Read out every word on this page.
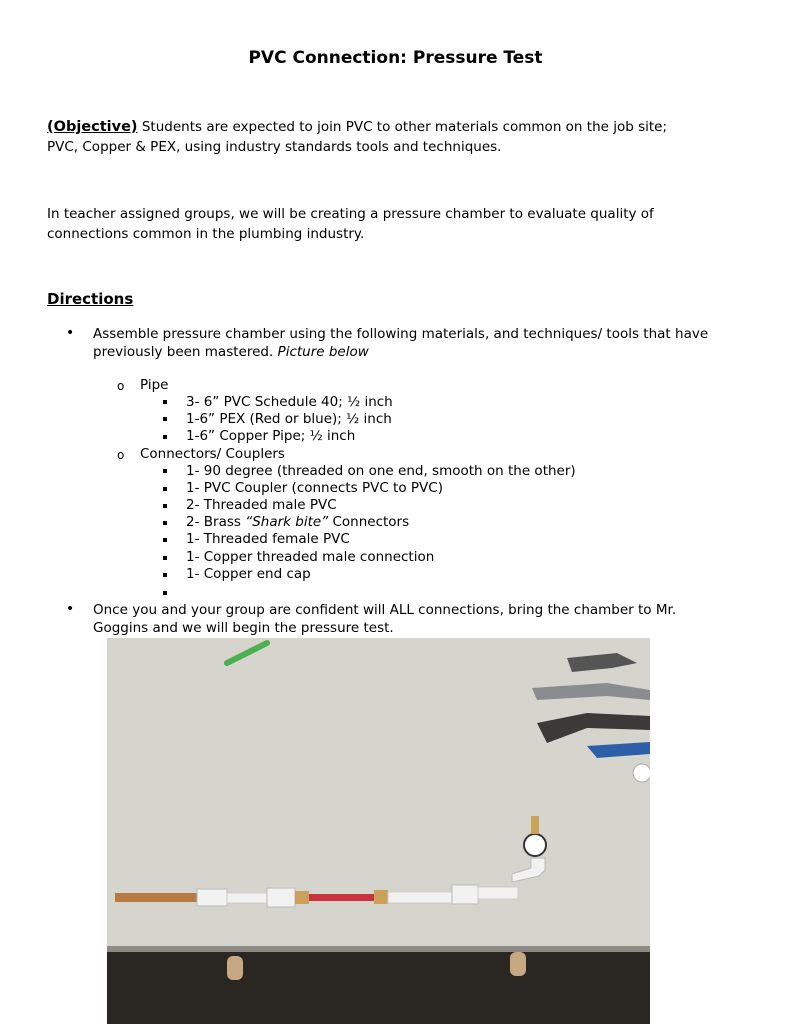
PVC Connection: Pressure Test
(Objective) Students are expected to join PVC to other materials common on the job site;
PVC, Copper & PEX, using industry standards tools and techniques.
In teacher assigned groups, we will be creating a pressure chamber to evaluate quality of
connections common in the plumbing industry.
Directions
• Assemble pressure chamber using the following materials, and techniques/ tools that have
previously been mastered. Picture below
o Pipe
3- 6” PVC Schedule 40; ½ inch
1-6” PEX (Red or blue); ½ inch
1-6” Copper Pipe; ½ inch
o Connectors/ Couplers
1- 90 degree (threaded on one end, smooth on the other)
1- PVC Coupler (connects PVC to PVC)
2- Threaded male PVC
2- Brass “Shark bite” Connectors
1- Threaded female PVC
1- Copper threaded male connection
1- Copper end cap
• Once you and your group are confident will ALL connections, bring the chamber to Mr.
Goggins and we will begin the pressure test.
